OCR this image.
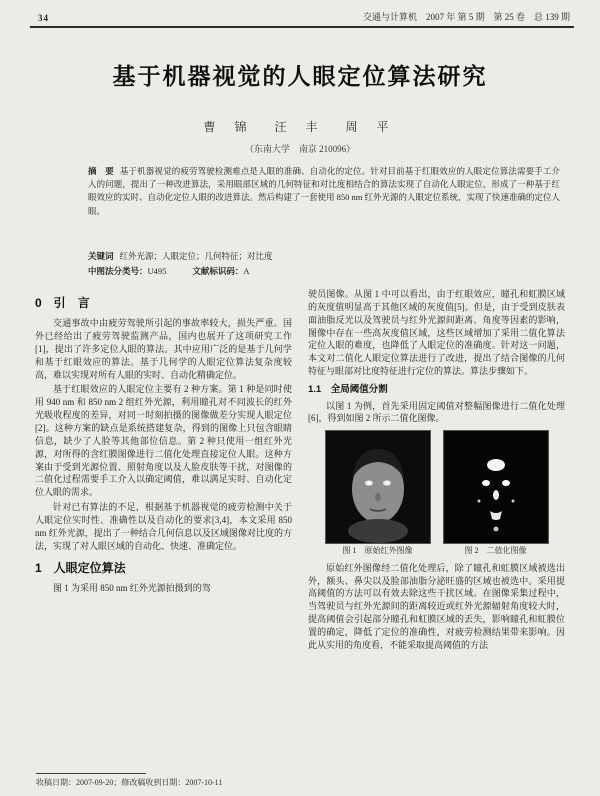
34	交通与计算机　2007 年 第 5 期　第 25 卷　总 139 期
基于机器视觉的人眼定位算法研究
曹 锦　汪 丰　周 平
（东南大学　南京 210096）
摘　要 基于机器视觉的疲劳驾驶检测难点是人眼的准确、自动化的定位。针对目前基于红眼效应的人眼定位算法需要手工介入的问题，提出了一种改进算法，采用眼部区域的几何特征和对比度相结合的算法实现了自动化人眼定位，形成了一种基于红眼效应的实时、自动化定位人眼的改进算法。然后构建了一套使用 850 nm 红外光源的人眼定位系统，实现了快速准确的定位人眼。
关键词 红外光源；人眼定位；几何特征；对比度
中图法分类号：U495	文献标识码：A
0　引　言

交通事故中由疲劳驾驶所引起的事故率较大，损失严重。国外已经给出了疲劳驾驶监测产品，国内也展开了这项研究工作[1]，提出了许多定位人眼的算法。其中应用广泛的是基于几何学和基于红眼效应的算法。基于几何学的人眼定位算法复杂度较高，难以实现对所有人眼的实时、自动化精确定位。

基于红眼效应的人眼定位主要有 2 种方案。第 1 种是同时使用 940 nm 和 850 nm 2 组红外光源，利用瞳孔对不同波长的红外光吸收程度的差异，对同一时刻拍摄的图像做差分实现人眼定位[2]。这种方案的缺点是系统搭建复杂，得到的图像上只包含眼睛信息，缺少了人脸等其他部位信息。第 2 种只使用一组红外光源，对所得的含红膜图像进行二值化处理直接定位人眼。这种方案由于受到光源位置、照射角度以及人脸皮肤等干扰，对图像的二值化过程需要手工介入以确定阈值，难以满足实时、自动化定位人眼的需求。

针对已有算法的不足，根据基于机器视觉的疲劳检测中关于人眼定位实时性、准确性以及自动化的要求[3,4]，本文采用 850 nm 红外光源，提出了一种结合几何信息以及区域图像对比度的方法，实现了对人眼区域的自动化、快速、准确定位。

1　人眼定位算法

图 1 为采用 850 nm 红外光源拍摄到的驾

驶员图像。从图 1 中可以看出，由于红眼效应，瞳孔和虹膜区域的灰度值明显高于其他区域的灰度值[5]。但是，由于受到皮肤表面油脂反光以及驾驶员与红外光源间距离、角度等因素的影响，图像中存在一些高灰度值区域，这些区域增加了采用二值化算法定位人眼的难度，也降低了人眼定位的准确度。针对这一问题，本文对二值化人眼定位算法进行了改进，提出了结合图像的几何特征与眼部对比度特征进行定位的算法。算法步骤如下。

1.1　全局阈值分割

以图 1 为例，首先采用固定阈值对整幅图像进行二值化处理[6]，得到如图 2 所示二值化图像。

图 1　原始红外图像	图 2　二值化图像

原始红外图像经二值化处理后，除了瞳孔和虹膜区域被选出外，额头、鼻尖以及脸部油脂分泌旺盛的区域也被选中。采用提高阈值的方法可以有效去除这些干扰区域。在图像采集过程中，当驾驶员与红外光源间的距离较近或红外光源辐射角度较大时，提高阈值会引起部分瞳孔和虹膜区域的丢失，影响瞳孔和虹膜位置的确定，降低了定位的准确性，对疲劳检测结果带来影响。因此从实用的角度看，不能采取提高阈值的方法

收稿日期：2007-09-20；修改稿收到日期：2007-10-11
